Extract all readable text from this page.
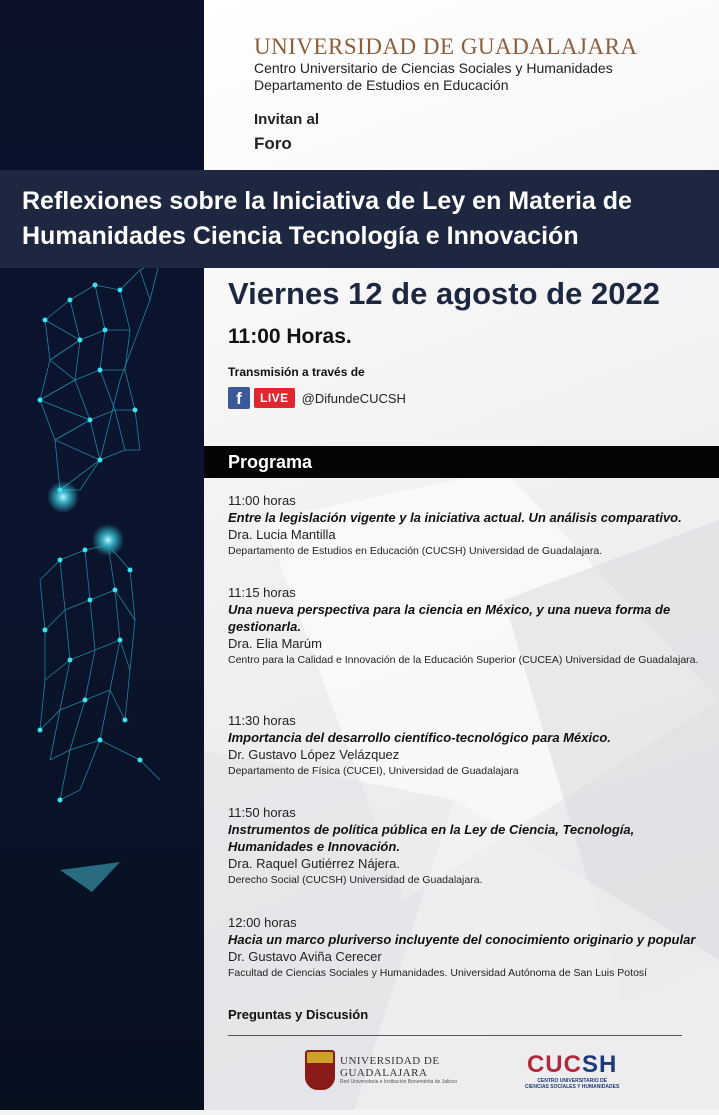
UNIVERSIDAD DE GUADALAJARA
Centro Universitario de Ciencias Sociales y Humanidades
Departamento de Estudios en Educación
Invitan al
Foro
Reflexiones sobre la Iniciativa de Ley en Materia de
Humanidades Ciencia Tecnología e Innovación
Viernes 12 de agosto de 2022
11:00 Horas.
Transmisión a través de
f	LIVE	@DifundeCUCSH
Programa
11:00 horas
Entre la legislación vigente y la iniciativa actual. Un análisis comparativo.
Dra. Lucia Mantilla
Departamento de Estudios en Educación (CUCSH) Universidad de Guadalajara.
11:15 horas
Una nueva perspectiva para la ciencia en México, y una nueva forma de gestionarla.
Dra. Elia Marúm
Centro para la Calidad e Innovación de la Educación Superior (CUCEA) Universidad de Guadalajara.
11:30 horas
Importancia del desarrollo científico-tecnológico para México.
Dr. Gustavo López Velázquez
Departamento de Física (CUCEI), Universidad de Guadalajara
11:50 horas
Instrumentos de política pública en la Ley de Ciencia, Tecnología, Humanidades e Innovación.
Dra. Raquel Gutiérrez Nájera.
Derecho Social (CUCSH) Universidad de Guadalajara.
12:00 horas
Hacia un marco pluriverso incluyente del conocimiento originario y popular
Dr. Gustavo Aviña Cerecer
Facultad de Ciencias Sociales y Humanidades. Universidad Autónoma de San Luis Potosí
Preguntas y Discusión
UNIVERSIDAD DE
GUADALAJARA
Red Universitaria e Institución Benemérita de Jalisco
CUCSH
CENTRO UNIVERSITARIO DE
CIENCIAS SOCIALES Y HUMANIDADES
